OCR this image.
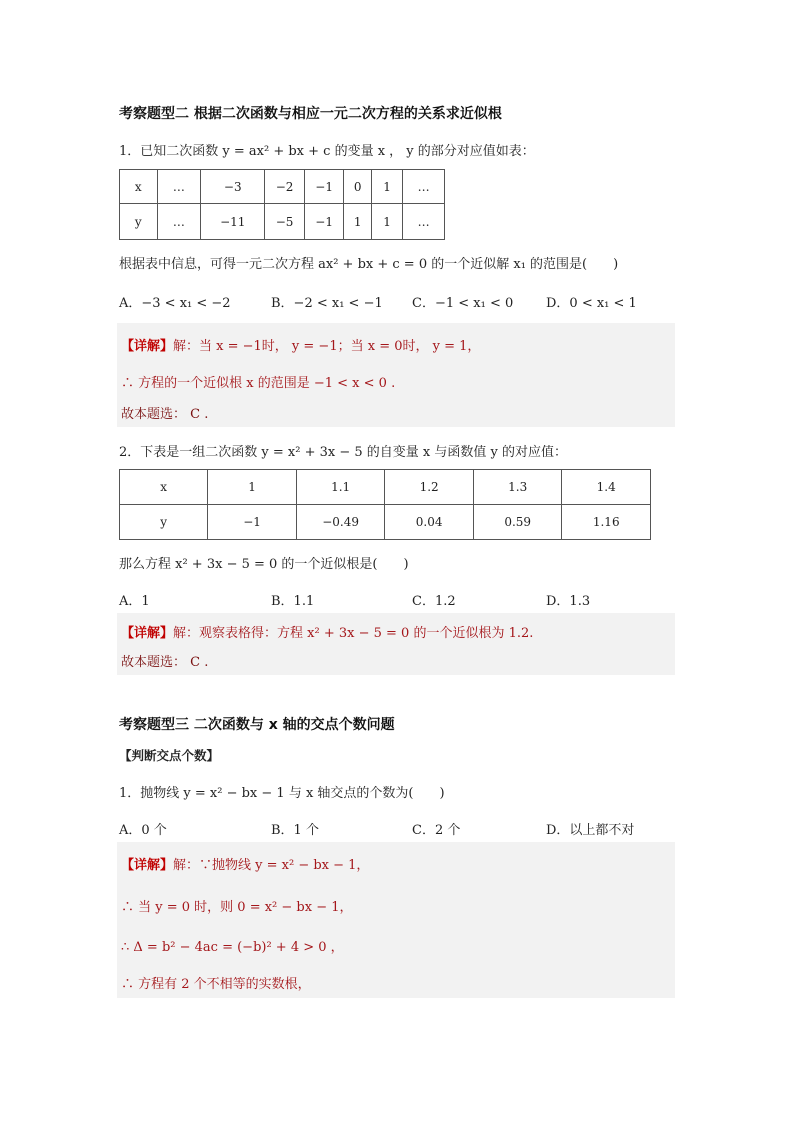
考察题型二 根据二次函数与相应一元二次方程的关系求近似根
1．已知二次函数 y = ax² + bx + c 的变量 x ， y 的部分对应值如表：
x	…	−3	−2	−1	0	1	…
y	…	−11	−5	−1	1	1	…
根据表中信息，可得一元二次方程 ax² + bx + c = 0 的一个近似解 x₁ 的范围是(　　)
A．−3 < x₁ < −2	B．−2 < x₁ < −1 C．−1 < x₁ < 0	D．0 < x₁ < 1
【详解】解：当 x = −1时， y = −1；当 x = 0时， y = 1，
∴ 方程的一个近似根 x 的范围是 −1 < x < 0 .
故本题选： C .
2．下表是一组二次函数 y = x² + 3x − 5 的自变量 x 与函数值 y 的对应值：
x	1	1.1	1.2	1.3	1.4
y	−1	−0.49	0.04	0.59	1.16
那么方程 x² + 3x − 5 = 0 的一个近似根是(　　)
A．1	B．1.1	C．1.2	D．1.3
【详解】解：观察表格得：方程 x² + 3x − 5 = 0 的一个近似根为 1.2.
故本题选： C .
考察题型三 二次函数与 x 轴的交点个数问题
【判断交点个数】
1．抛物线 y = x² − bx − 1 与 x 轴交点的个数为(　　)
A．0 个	B．1 个	C．2 个	D．以上都不对
【详解】解：∵抛物线 y = x² − bx − 1，
∴ 当 y = 0 时，则 0 = x² − bx − 1，
∴ Δ = b² − 4ac = (−b)² + 4 > 0 ，
∴ 方程有 2 个不相等的实数根，
